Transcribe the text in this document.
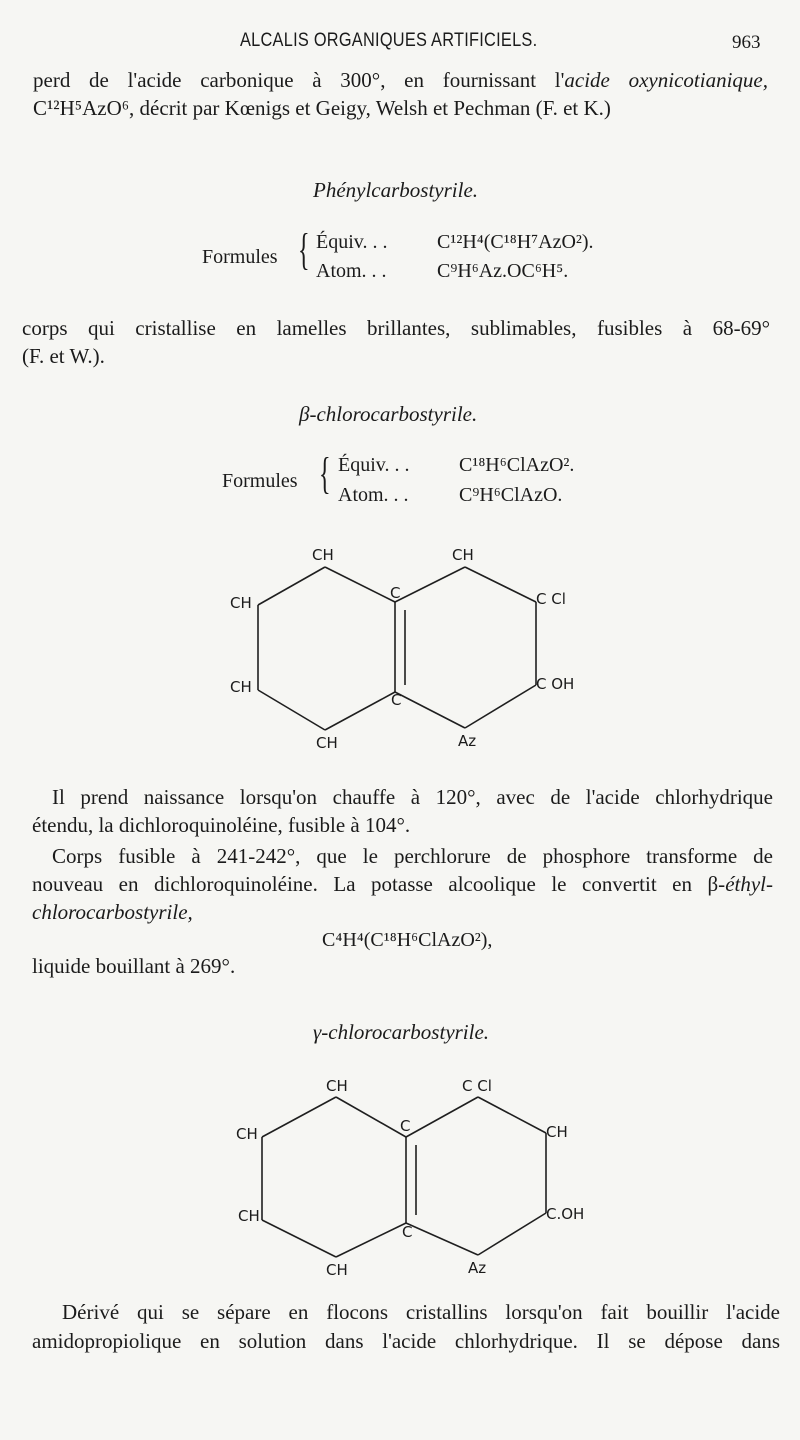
ALCALIS ORGANIQUES ARTIFICIELS.	963
perd de l'acide carbonique à 300°, en fournissant l'acide oxynicotianique,
C¹²H⁵AzO⁶, décrit par Kœnigs et Geigy, Welsh et Pechman (F. et K.)
Phénylcarbostyrile.
Formules { Équiv. . . C¹²H⁴(C¹⁸H⁷AzO²).
Atom. . .	C⁹H⁶Az.OC⁶H⁵.
corps qui cristallise en lamelles brillantes, sublimables, fusibles à 68-69°
(F. et W.).
β-chlorocarbostyrile.
Formules { Équiv. . . C¹⁸H⁶ClAzO².
Atom. . .	C⁹H⁶ClAzO.
CH	CH
CH
CH
C Cl
C OH
C
C
CH	Az
Il prend naissance lorsqu'on chauffe à 120°, avec de l'acide chlorhydrique
étendu, la dichloroquinoléine, fusible à 104°.
Corps fusible à 241-242°, que le perchlorure de phosphore transforme de
nouveau en dichloroquinoléine. La potasse alcoolique le convertit en β-éthyl-
chlorocarbostyrile,
C⁴H⁴(C¹⁸H⁶ClAzO²),
liquide bouillant à 269°.
γ-chlorocarbostyrile.
CH	C Cl
CH
CH
CH
C.OH
C
C
CH	Az
Dérivé qui se sépare en flocons cristallins lorsqu'on fait bouillir l'acide
amidopropiolique en solution dans l'acide chlorhydrique. Il se dépose dans
